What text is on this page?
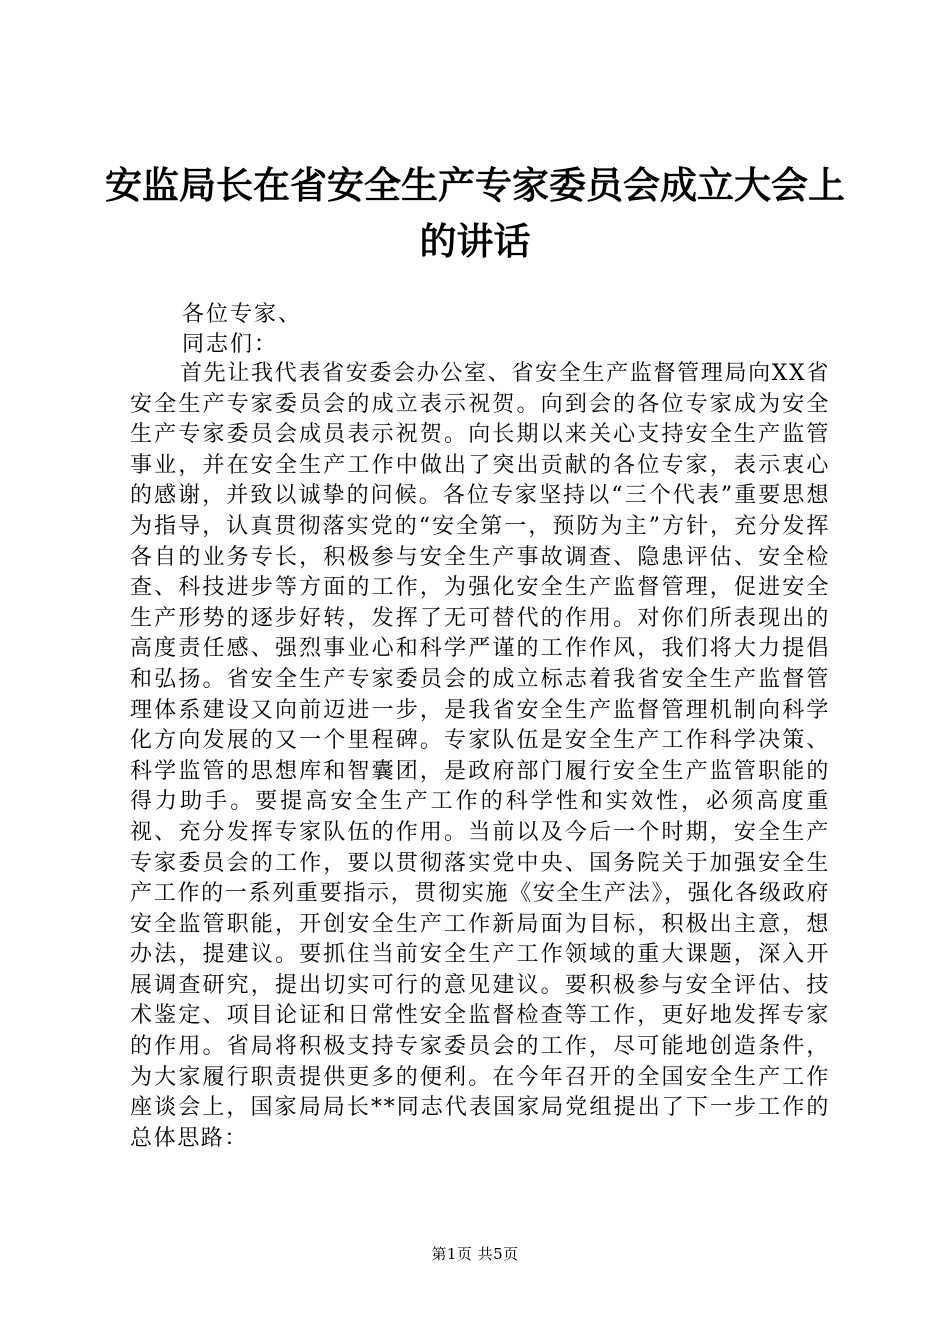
安监局长在省安全生产专家委员会成立大会上
的讲话
各位专家、
同志们：

首先让我代表省安委会办公室、省安全生产监督管理局向XX省安全生产专家委员会的成立表示祝贺。向到会的各位专家成为安全生产专家委员会成员表示祝贺。向长期以来关心支持安全生产监管事业，并在安全生产工作中做出了突出贡献的各位专家，表示衷心的感谢，并致以诚挚的问候。各位专家坚持以“三个代表”重要思想为指导，认真贯彻落实党的“安全第一，预防为主”方针，充分发挥各自的业务专长，积极参与安全生产事故调查、隐患评估、安全检查、科技进步等方面的工作，为强化安全生产监督管理，促进安全生产形势的逐步好转，发挥了无可替代的作用。对你们所表现出的高度责任感、强烈事业心和科学严谨的工作作风，我们将大力提倡和弘扬。省安全生产专家委员会的成立标志着我省安全生产监督管理体系建设又向前迈进一步，是我省安全生产监督管理机制向科学化方向发展的又一个里程碑。专家队伍是安全生产工作科学决策、科学监管的思想库和智囊团，是政府部门履行安全生产监管职能的得力助手。要提高安全生产工作的科学性和实效性，必须高度重视、充分发挥专家队伍的作用。当前以及今后一个时期，安全生产专家委员会的工作，要以贯彻落实党中央、国务院关于加强安全生产工作的一系列重要指示，贯彻实施《安全生产法》，强化各级政府安全监管职能，开创安全生产工作新局面为目标，积极出主意，想办法，提建议。要抓住当前安全生产工作领域的重大课题，深入开展调查研究，提出切实可行的意见建议。要积极参与安全评估、技术鉴定、项目论证和日常性安全监督检查等工作，更好地发挥专家的作用。省局将积极支持专家委员会的工作，尽可能地创造条件，为大家履行职责提供更多的便利。在今年召开的全国安全生产工作座谈会上，国家局局长**同志代表国家局党组提出了下一步工作的总体思路：

第1页 共5页
